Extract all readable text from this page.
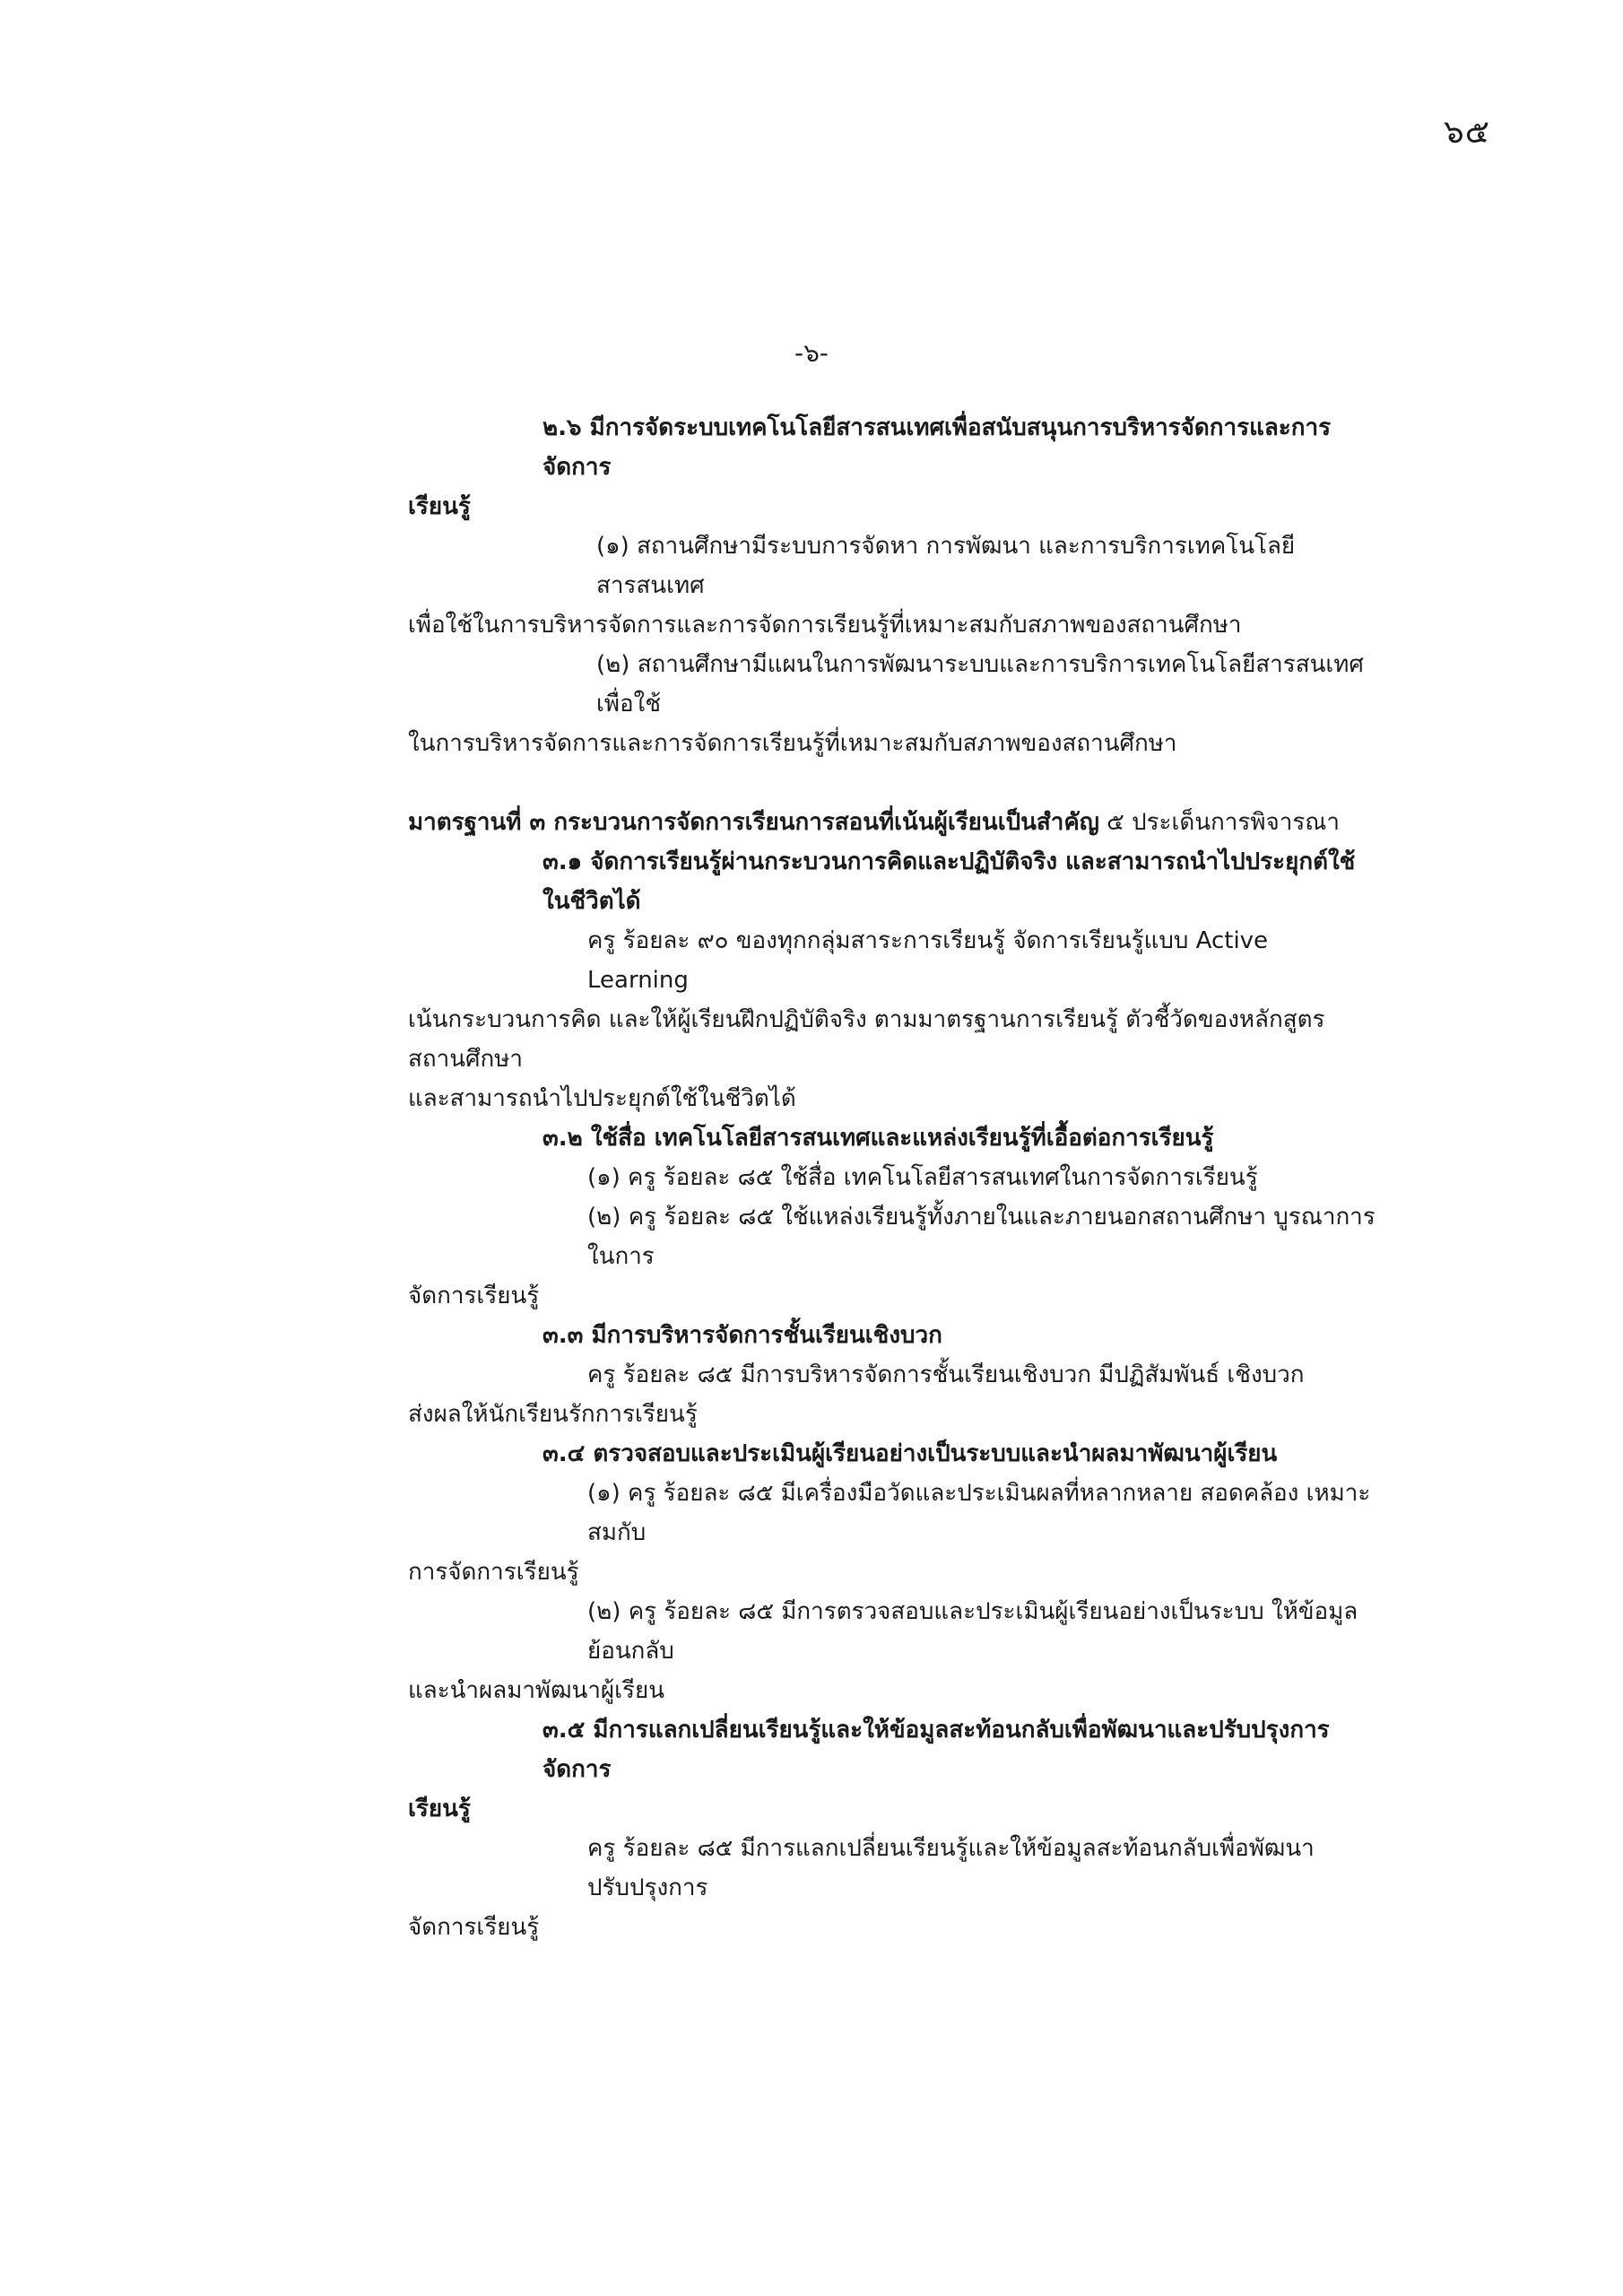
๖๕
-๖-

๒.๖ มีการจัดระบบเทคโนโลยีสารสนเทศเพื่อสนับสนุนการบริหารจัดการและการจัดการ

เรียนรู้

(๑) สถานศึกษามีระบบการจัดหา การพัฒนา และการบริการเทคโนโลยีสารสนเทศ

เพื่อใช้ในการบริหารจัดการและการจัดการเรียนรู้ที่เหมาะสมกับสภาพของสถานศึกษา

(๒) สถานศึกษามีแผนในการพัฒนาระบบและการบริการเทคโนโลยีสารสนเทศเพื่อใช้

ในการบริหารจัดการและการจัดการเรียนรู้ที่เหมาะสมกับสภาพของสถานศึกษา

มาตรฐานที่ ๓ กระบวนการจัดการเรียนการสอนที่เน้นผู้เรียนเป็นสำคัญ ๕ ประเด็นการพิจารณา

๓.๑ จัดการเรียนรู้ผ่านกระบวนการคิดและปฏิบัติจริง และสามารถนำไปประยุกต์ใช้ในชีวิตได้

ครู ร้อยละ ๙๐ ของทุกกลุ่มสาระการเรียนรู้ จัดการเรียนรู้แบบ Active Learning

เน้นกระบวนการคิด และให้ผู้เรียนฝึกปฏิบัติจริง ตามมาตรฐานการเรียนรู้ ตัวชี้วัดของหลักสูตรสถานศึกษา

และสามารถนำไปประยุกต์ใช้ในชีวิตได้

๓.๒ ใช้สื่อ เทคโนโลยีสารสนเทศและแหล่งเรียนรู้ที่เอื้อต่อการเรียนรู้

(๑) ครู ร้อยละ ๘๕ ใช้สื่อ เทคโนโลยีสารสนเทศในการจัดการเรียนรู้

(๒) ครู ร้อยละ ๘๕ ใช้แหล่งเรียนรู้ทั้งภายในและภายนอกสถานศึกษา บูรณาการในการ

จัดการเรียนรู้

๓.๓ มีการบริหารจัดการชั้นเรียนเชิงบวก

ครู ร้อยละ ๘๕ มีการบริหารจัดการชั้นเรียนเชิงบวก มีปฏิสัมพันธ์ เชิงบวก

ส่งผลให้นักเรียนรักการเรียนรู้

๓.๔ ตรวจสอบและประเมินผู้เรียนอย่างเป็นระบบและนำผลมาพัฒนาผู้เรียน

(๑) ครู ร้อยละ ๘๕ มีเครื่องมือวัดและประเมินผลที่หลากหลาย สอดคล้อง เหมาะสมกับ

การจัดการเรียนรู้

(๒) ครู ร้อยละ ๘๕ มีการตรวจสอบและประเมินผู้เรียนอย่างเป็นระบบ ให้ข้อมูลย้อนกลับ

และนำผลมาพัฒนาผู้เรียน

๓.๕ มีการแลกเปลี่ยนเรียนรู้และให้ข้อมูลสะท้อนกลับเพื่อพัฒนาและปรับปรุงการจัดการ

เรียนรู้

ครู ร้อยละ ๘๕ มีการแลกเปลี่ยนเรียนรู้และให้ข้อมูลสะท้อนกลับเพื่อพัฒนา ปรับปรุงการ

จัดการเรียนรู้
